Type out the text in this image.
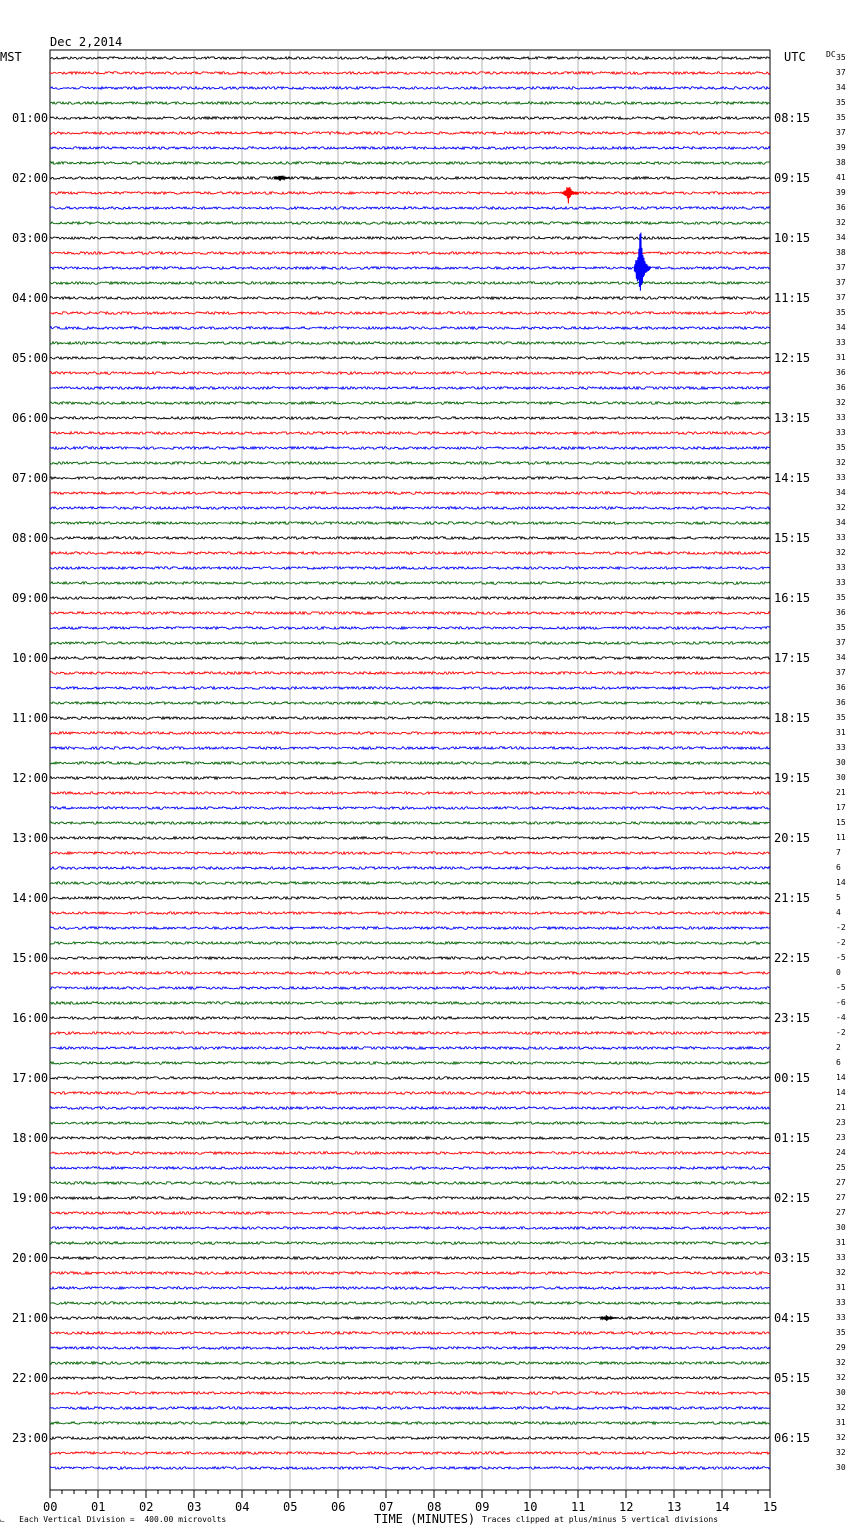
Dec 2,2014

MST	UTC	DC
01:00
02:00
03:00
04:00
05:00
06:00
07:00
08:00
09:00
10:00
11:00
12:00
13:00
14:00
15:00
16:00
17:00
18:00
19:00
20:00
21:00
22:00
23:00
08:15
09:15
10:15
11:15
12:15
13:15
14:15
15:15
16:15
17:15
18:15
19:15
20:15
21:15
22:15
23:15
00:15
01:15
02:15
03:15
04:15
05:15
06:15
35
37
34
35
35
37
39
38
41
39
36
32
34
38
37
37
37
35
34
33
31
36
36
32
33
33
35
32
33
34
32
34
33
32
33
33
35
36
35
37
34
37
36
36
35
31
33
30
30
21
17
15
11
7
6
14
5
4
-2
-2
-5
0
-5
-6
-4
-2
2
6
14
14
21
23
23
24
25
27
27
27
30
31
33
32
31
33
33
35
29
32
32
30
32
31
32
32
30
00	01	02	03	04	05	06	07	08	09	10	11	12	13	14	15
⨽ Each Vertical Division =  400.00 microvolts	TIME (MINUTES) Traces clipped at plus/minus 5 vertical divisions
